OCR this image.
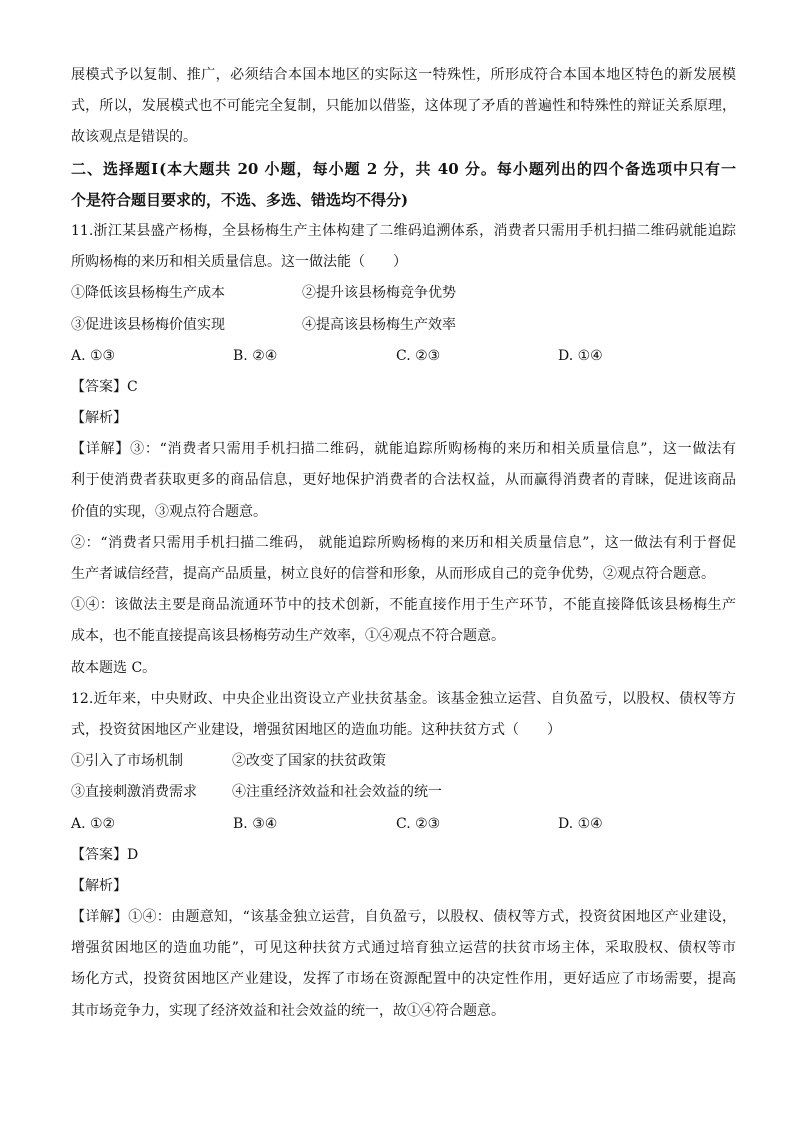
展模式予以复制、推广，必须结合本国本地区的实际这一特殊性，所形成符合本国本地区特色的新发展模
式，所以，发展模式也不可能完全复制，只能加以借鉴，这体现了矛盾的普遍性和特殊性的辩证关系原理，
故该观点是错误的。
二、选择题Ⅰ(本大题共 20 小题，每小题 2 分，共 40 分。每小题列出的四个备选项中只有一
个是符合题目要求的，不选、多选、错选均不得分)
11.浙江某县盛产杨梅，全县杨梅生产主体构建了二维码追溯体系，消费者只需用手机扫描二维码就能追踪
所购杨梅的来历和相关质量信息。这一做法能（　　）
①降低该县杨梅生产成本	②提升该县杨梅竞争优势
③促进该县杨梅价值实现	④提高该县杨梅生产效率
A. ①③	B. ②④	C. ②③	D. ①④
【答案】C
【解析】
【详解】③：“消费者只需用手机扫描二维码，就能追踪所购杨梅的来历和相关质量信息”，这一做法有
利于使消费者获取更多的商品信息，更好地保护消费者的合法权益，从而赢得消费者的青睐，促进该商品
价值的实现，③观点符合题意。
②：“消费者只需用手机扫描二维码， 就能追踪所购杨梅的来历和相关质量信息”，这一做法有利于督促
生产者诚信经营，提高产品质量，树立良好的信誉和形象，从而形成自己的竞争优势，②观点符合题意。
①④：该做法主要是商品流通环节中的技术创新，不能直接作用于生产环节，不能直接降低该县杨梅生产
成本，也不能直接提高该县杨梅劳动生产效率，①④观点不符合题意。
故本题选 C。
12.近年来，中央财政、中央企业出资设立产业扶贫基金。该基金独立运营、自负盈亏，以股权、债权等方
式，投资贫困地区产业建设，增强贫困地区的造血功能。这种扶贫方式（　　）
①引入了市场机制	②改变了国家的扶贫政策
③直接刺激消费需求	④注重经济效益和社会效益的统一
A. ①②	B. ③④	C. ②③	D. ①④
【答案】D
【解析】
【详解】①④：由题意知，“该基金独立运营，自负盈亏，以股权、债权等方式，投资贫困地区产业建设，
增强贫困地区的造血功能”，可见这种扶贫方式通过培育独立运营的扶贫市场主体，采取股权、债权等市
场化方式，投资贫困地区产业建设，发挥了市场在资源配置中的决定性作用，更好适应了市场需要，提高
其市场竞争力，实现了经济效益和社会效益的统一，故①④符合题意。
